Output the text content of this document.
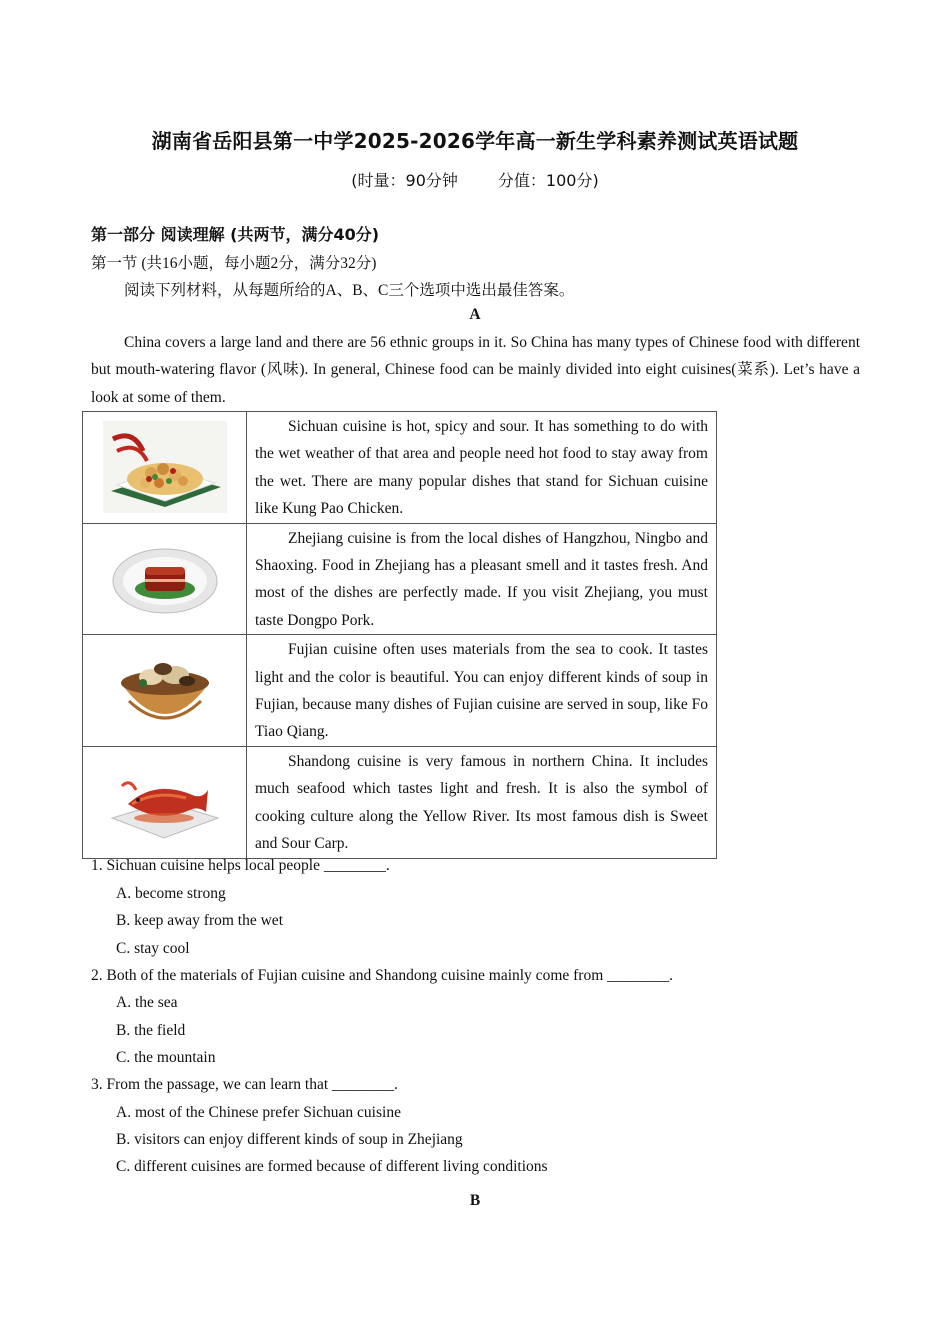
湖南省岳阳县第一中学2025-2026学年高一新生学科素养测试英语试题
(时量：90分钟	分值：100分)
第一部分 阅读理解 (共两节，满分40分)
第一节 (共16小题，每小题2分，满分32分)
阅读下列材料，从每题所给的A、B、C三个选项中选出最佳答案。
A

China covers a large land and there are 56 ethnic groups in it. So China has many types of Chinese food with different but mouth-watering flavor (风味). In general, Chinese food can be mainly divided into eight cuisines(菜系). Let’s have a look at some of them.

	Sichuan cuisine is hot, spicy and sour. It has something to do with the wet weather of that area and people need hot food to stay away from the wet. There are many popular dishes that stand for Sichuan cuisine like Kung Pao Chicken.

	Zhejiang cuisine is from the local dishes of Hangzhou, Ningbo and Shaoxing. Food in Zhejiang has a pleasant smell and it tastes fresh. And most of the dishes are perfectly made. If you visit Zhejiang, you must taste Dongpo Pork.

	Fujian cuisine often uses materials from the sea to cook. It tastes light and the color is beautiful. You can enjoy different kinds of soup in Fujian, because many dishes of Fujian cuisine are served in soup, like Fo Tiao Qiang.

	Shandong cuisine is very famous in northern China. It includes much seafood which tastes light and fresh. It is also the symbol of cooking culture along the Yellow River. Its most famous dish is Sweet and Sour Carp.
1. Sichuan cuisine helps local people ________.
A. become strong
B. keep away from the wet
C. stay cool
2. Both of the materials of Fujian cuisine and Shandong cuisine mainly come from ________.
A. the sea
B. the field
C. the mountain
3. From the passage, we can learn that ________.
A. most of the Chinese prefer Sichuan cuisine
B. visitors can enjoy different kinds of soup in Zhejiang
C. different cuisines are formed because of different living conditions
B
